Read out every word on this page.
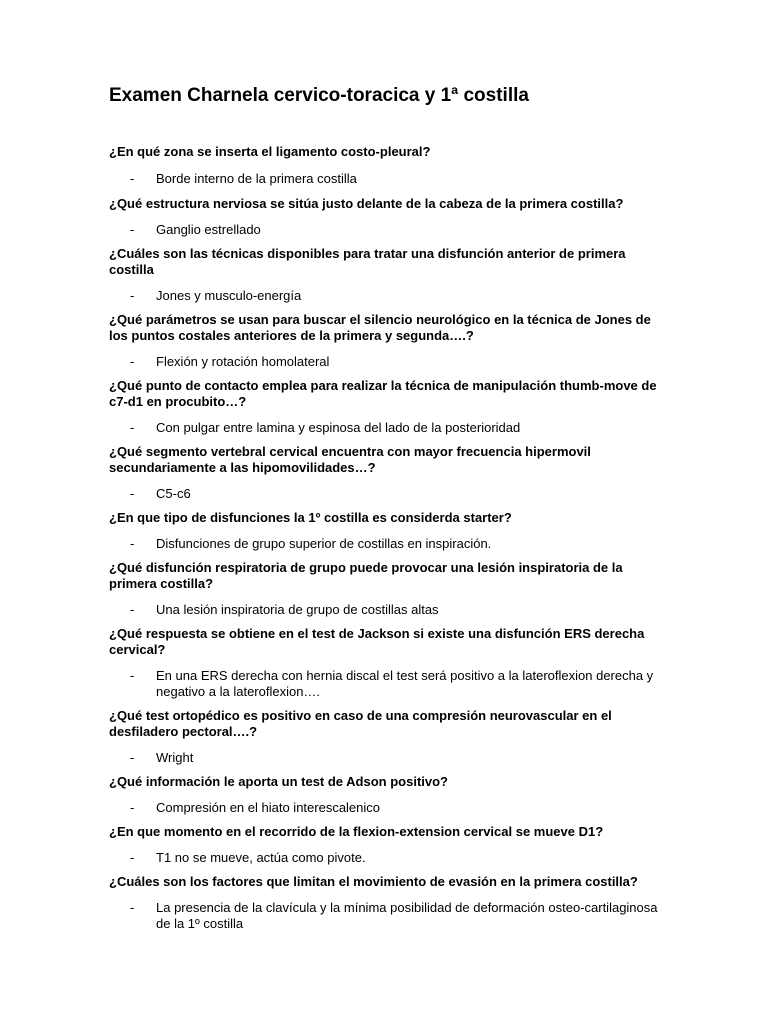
Examen Charnela cervico-toracica y 1ª costilla

¿En qué zona se inserta el ligamento costo-pleural?

-	Borde interno de la primera costilla

¿Qué estructura nerviosa se sitúa justo delante de la cabeza de la primera costilla?

-	Ganglio estrellado

¿Cuáles son las técnicas disponibles para tratar una disfunción anterior de primera costilla

-	Jones y musculo-energía

¿Qué parámetros se usan para buscar el silencio neurológico en la técnica de Jones de los puntos costales anteriores de la primera y segunda….?

-	Flexión y rotación homolateral

¿Qué punto de contacto emplea para realizar la técnica de manipulación thumb-move de c7-d1 en procubito…?

-	Con pulgar entre lamina y espinosa del lado de la posterioridad

¿Qué segmento vertebral cervical encuentra con mayor frecuencia hipermovil secundariamente a las hipomovilidades…?

-	C5-c6

¿En que tipo de disfunciones la 1º costilla es considerda starter?

-	Disfunciones de grupo superior de costillas en inspiración.

¿Qué disfunción respiratoria de grupo puede provocar una lesión inspiratoria de la primera costilla?

-	Una lesión inspiratoria de grupo de costillas altas

¿Qué respuesta se obtiene en el test de Jackson si existe una disfunción ERS derecha cervical?

-	En una ERS derecha con hernia discal el test será positivo a la lateroflexion derecha y negativo a la lateroflexion….

¿Qué test ortopédico es positivo en caso de una compresión neurovascular en el desfiladero pectoral….?

-	Wright

¿Qué información le aporta un test de Adson positivo?

-	Compresión en el hiato interescalenico

¿En que momento en el recorrido de la flexion-extension cervical se mueve D1?

-	T1 no se mueve, actúa como pivote.

¿Cuáles son los factores que limitan el movimiento de evasión en la primera costilla?

-	La presencia de la clavícula y la mínima posibilidad de deformación osteo-cartilaginosa de la 1º costilla
